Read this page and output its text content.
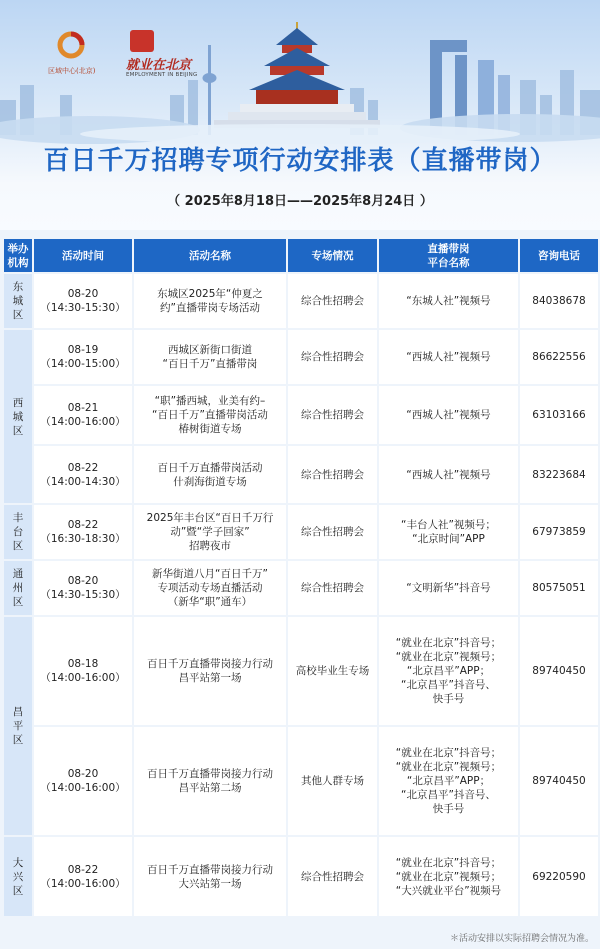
区域中心(北京) 就业在北京
EMPLOYMENT IN BEIJING
百日千万招聘专项行动安排表（直播带岗）
（ 2025年8月18日——2025年8月24日 ）
举办
机构	活动时间	活动名称	专场情况	直播带岗
平台名称	咨询电话
东
城
区	08-20
（14:30-15:30）	东城区2025年“仲夏之
约”直播带岗专场活动	综合性招聘会	“东城人社”视频号	84038678
西
城
区	08-19
（14:00-15:00）	西城区新街口街道
“百日千万”直播带岗	综合性招聘会	“西城人社”视频号	86622556
	08-21
（14:00-16:00）	“职”播西城，业美有约–
“百日千万”直播带岗活动
椿树街道专场	综合性招聘会	“西城人社”视频号	63103166
	08-22
（14:00-14:30）	百日千万直播带岗活动
什刹海街道专场	综合性招聘会	“西城人社”视频号	83223684
丰
台
区	08-22
（16:30-18:30）	2025年丰台区“百日千万行
动”暨“学子回家”
招聘夜市	综合性招聘会	“丰台人社”视频号；
“北京时间”APP	67973859
通
州
区	08-20
（14:30-15:30）	新华街道八月“百日千万”
专项活动专场直播活动
（新华“职”通车）	综合性招聘会	“文明新华”抖音号	80575051
昌
平
区	08-18
（14:00-16:00）	百日千万直播带岗接力行动
昌平站第一场	高校毕业生专场	“就业在北京”抖音号；
“就业在北京”视频号；
“北京昌平”APP；
“北京昌平”抖音号、
快手号	89740450
	08-20
（14:00-16:00）	百日千万直播带岗接力行动
昌平站第二场	其他人群专场	“就业在北京”抖音号；
“就业在北京”视频号；
“北京昌平”APP；
“北京昌平”抖音号、
快手号	89740450
大
兴
区	08-22
（14:00-16:00）	百日千万直播带岗接力行动
大兴站第一场	综合性招聘会	“就业在北京”抖音号；
“就业在北京”视频号；
“大兴就业平台”视频号	69220590
＊活动安排以实际招聘会情况为准。
